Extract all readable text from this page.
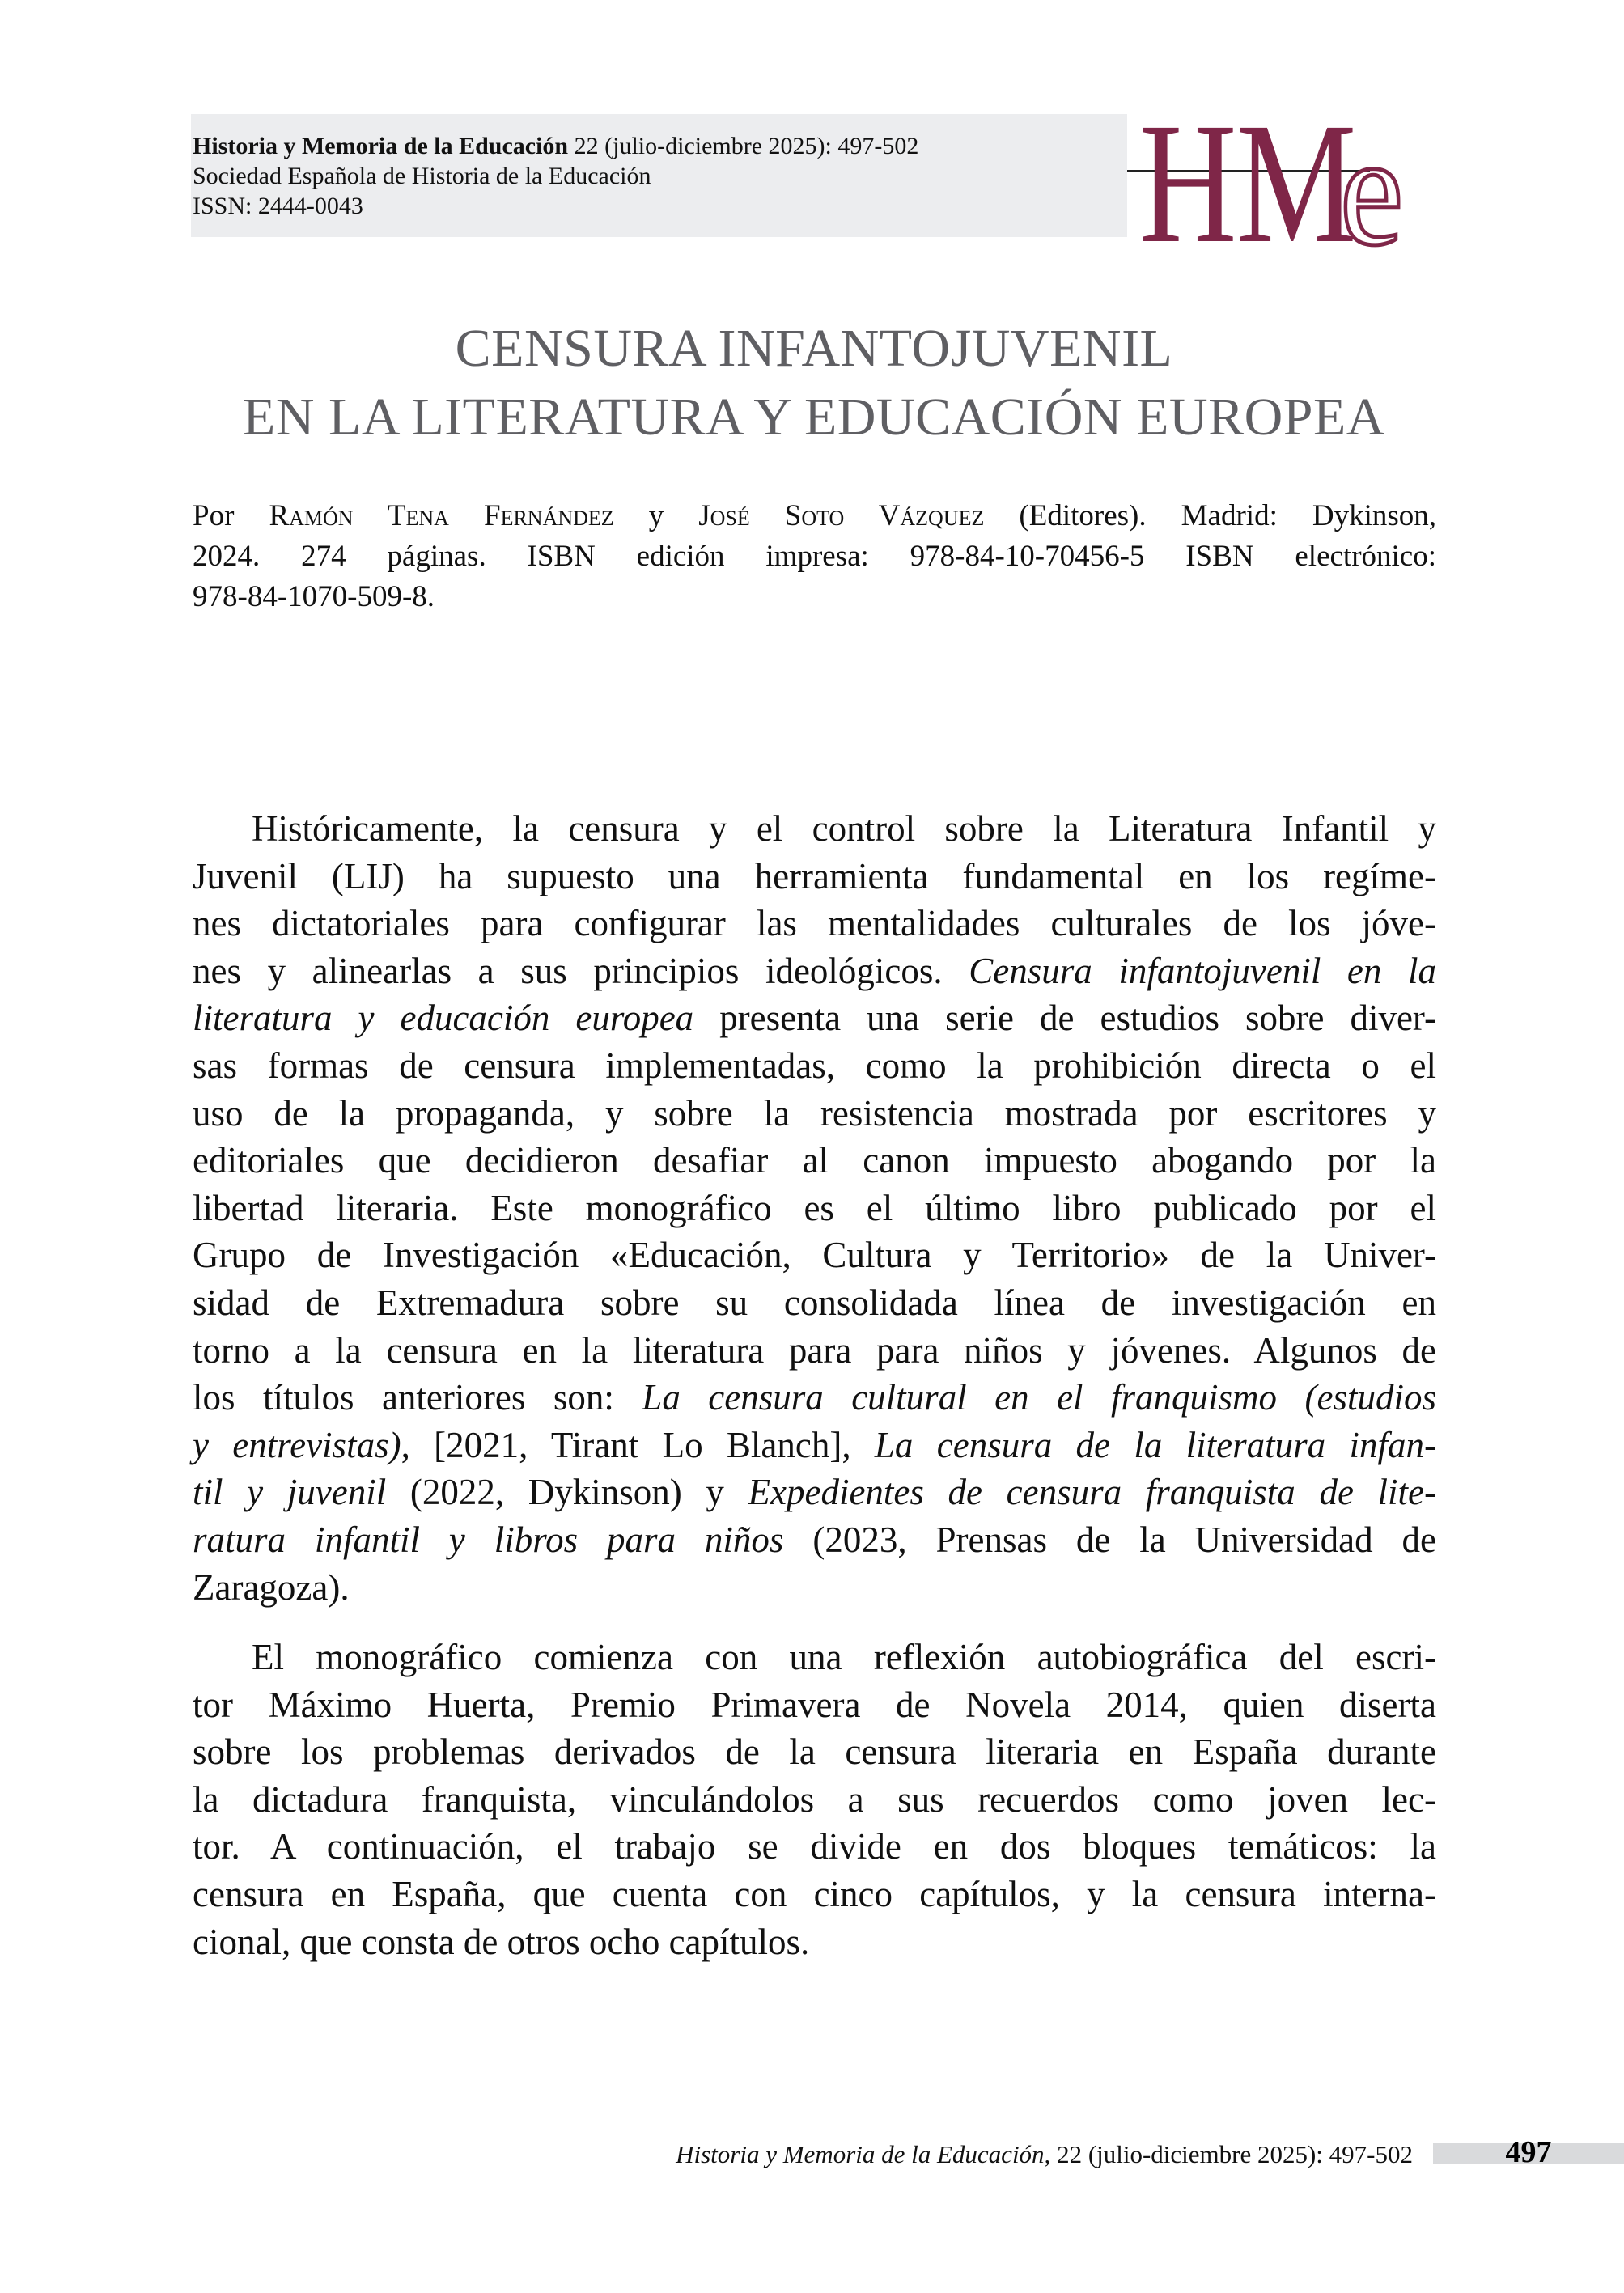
Historia y Memoria de la Educación 22 (julio-diciembre 2025): 497-502
Sociedad Española de Historia de la Educación
ISSN: 2444-0043	H M
e
CENSURA INFANTOJUVENIL
EN LA LITERATURA Y EDUCACIÓN EUROPEA
Por Ramón Tena Fernández y José Soto Vázquez (Editores). Madrid: Dykinson,
2024. 274 páginas. ISBN edición impresa: 978-84-10-70456-5 ISBN electrónico:
978-84-1070-509-8.
Históricamente, la censura y el control sobre la Literatura Infantil y
Juvenil (LIJ) ha supuesto una herramienta fundamental en los regíme-
nes dictatoriales para configurar las mentalidades culturales de los jóve-
nes y alinearlas a sus principios ideológicos. Censura infantojuvenil en la
literatura y educación europea presenta una serie de estudios sobre diver-
sas formas de censura implementadas, como la prohibición directa o el
uso de la propaganda, y sobre la resistencia mostrada por escritores y
editoriales que decidieron desafiar al canon impuesto abogando por la
libertad literaria. Este monográfico es el último libro publicado por el
Grupo de Investigación «Educación, Cultura y Territorio» de la Univer-
sidad de Extremadura sobre su consolidada línea de investigación en
torno a la censura en la literatura para para niños y jóvenes. Algunos de
los títulos anteriores son: La censura cultural en el franquismo (estudios
y entrevistas), [2021, Tirant Lo Blanch], La censura de la literatura infan-
til y juvenil (2022, Dykinson) y Expedientes de censura franquista de lite-
ratura infantil y libros para niños (2023, Prensas de la Universidad de
Zaragoza).
El monográfico comienza con una reflexión autobiográfica del escri-
tor Máximo Huerta, Premio Primavera de Novela 2014, quien diserta
sobre los problemas derivados de la censura literaria en España durante
la dictadura franquista, vinculándolos a sus recuerdos como joven lec-
tor. A continuación, el trabajo se divide en dos bloques temáticos: la
censura en España, que cuenta con cinco capítulos, y la censura interna-
cional, que consta de otros ocho capítulos.
Historia y Memoria de la Educación, 22 (julio-diciembre 2025): 497-502	497
